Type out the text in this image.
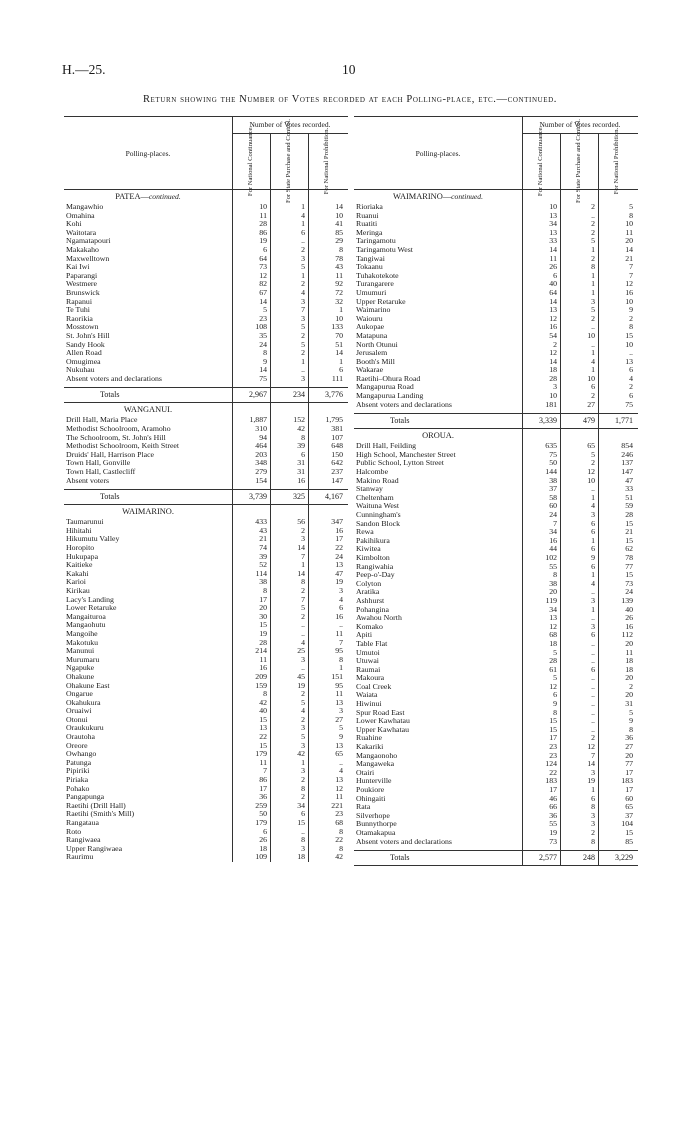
H.—25.	10
Return showing the Number of Votes recorded at each Polling-place, etc.—continued.
Polling-places.
Number of Votes recorded.
For National Continuance.	For State Purchase and Control.	For National Prohibition.
PATEA—continued.
Mangawhio	10	1	14
Omahina	11	4	10
Kohi	28	1	41
Waitotara	86	6	85
Ngamatapouri	19	..	29
Makakaho	6	2	8
Maxwelltown	64	3	78
Kai Iwi	73	5	43
Paparangi	12	1	11
Westmere	82	2	92
Brunswick	67	4	72
Rapanui	14	3	32
Te Tuhi	5	7	1
Raorikia	23	3	10
Mosstown	108	5	133
St. John's Hill	35	2	70
Sandy Hook	24	5	51
Allen Road	8	2	14
Omugimea	9	1	1
Nukuhau	14	..	6
Absent voters and declarations	75	3	111
Totals	2,967	234	3,776
WANGANUI.
Drill Hall, Maria Place	1,887	152	1,795
Methodist Schoolroom, Aramoho	310	42	381
The Schoolroom, St. John's Hill	94	8	107
Methodist Schoolroom, Keith Street	464	39	648
Druids' Hall, Harrison Place	203	6	150
Town Hall, Gonville	348	31	642
Town Hall, Castlecliff	279	31	237
Absent voters	154	16	147
Totals	3,739	325	4,167
WAIMARINO.
Taumarunui	433	56	347
Hihitahi	43	2	16
Hikumutu Valley	21	3	17
Horopito	74	14	22
Hukupapa	39	7	24
Kaitieke	52	1	13
Kakahi	114	14	47
Karioi	38	8	19
Kirikau	8	2	3
Lacy's Landing	17	7	4
Lower Retaruke	20	5	6
Mangaituroa	30	2	16
Mangaohutu	15	..	..
Mangoihe	19	..	11
Makotuku	28	4	7
Manunui	214	25	95
Murumaru	11	3	8
Ngapuke	16	..	1
Ohakune	209	45	151
Ohakune East	159	19	95
Ongarue	8	2	11
Okahukura	42	5	13
Oruaiwi	40	4	3
Otonui	15	2	27
Oraukukuru	13	3	5
Orautoha	22	5	9
Oreore	15	3	13
Owhango	179	42	65
Patunga	11	1	..
Pipiriki	7	3	4
Piriaka	86	2	13
Pohako	17	8	12
Pangapunga	36	2	11
Raetihi (Drill Hall)	259	34	221
Raetihi (Smith's Mill)	50	6	23
Rangataua	179	15	68
Roto	6	..	8
Rangiwaea	26	8	22
Upper Rangiwaea	18	3	8
Raurimu	109	18	42
Polling-places.
Number of Votes recorded.
For National Continuance.	For State Purchase and Control.	For National Prohibition.
WAIMARINO—continued.
Rioriaka	10	2	5
Ruanui	13	..	8
Ruatiti	34	2	10
Meringa	13	2	11
Taringamotu	33	5	20
Taringamotu West	14	1	14
Tangiwai	11	2	21
Tokaanu	26	8	7
Tuhakotekote	6	1	7
Turangarere	40	1	12
Umumuri	64	1	16
Upper Retaruke	14	3	10
Waimarino	13	5	9
Waiouru	12	2	2
Aukopae	16	..	8
Matapuna	54	10	15
North Otunui	2	..	10
Jerusalem	12	1	..
Booth's Mill	14	4	13
Wakarae	18	1	6
Raetihi–Ohura Road	28	10	4
Mangapurua Road	3	6	2
Mangapurua Landing	10	2	6
Absent voters and declarations	181	27	75
Totals	3,339	479	1,771
OROUA.
Drill Hall, Feilding	635	65	854
High School, Manchester Street	75	5	246
Public School, Lytton Street	50	2	137
Halcombe	144	12	147
Makino Road	38	10	47
Stanway	37	..	33
Cheltenham	58	1	51
Waituna West	60	4	59
Cunningham's	24	3	28
Sandon Block	7	6	15
Rewa	34	6	21
Pakihikura	16	1	15
Kiwitea	44	6	62
Kimbolton	102	9	78
Rangiwahia	55	6	77
Peep-o'-Day	8	1	15
Colyton	38	4	73
Aratika	20	..	24
Ashhurst	119	3	139
Pohangina	34	1	40
Awahou North	13	..	26
Komako	12	3	16
Apiti	68	6	112
Table Flat	18	..	20
Umutoi	5	..	11
Utuwai	28	..	18
Raumai	61	6	18
Makoura	5	..	20
Coal Creek	12	..	2
Waiata	6	..	20
Hiwinui	9	..	31
Spur Road East	8	..	5
Lower Kawhatau	15	..	9
Upper Kawhatau	15	..	8
Ruahine	17	2	36
Kakariki	23	12	27
Mangaonoho	23	7	20
Mangaweka	124	14	77
Otairi	22	3	17
Hunterville	183	19	183
Poukiore	17	1	17
Ohingaiti	46	6	60
Rata	66	8	65
Silverhope	36	3	37
Bunnythorpe	55	3	104
Otamakapua	19	2	15
Absent voters and declarations	73	8	85
Totals	2,577	248	3,229
